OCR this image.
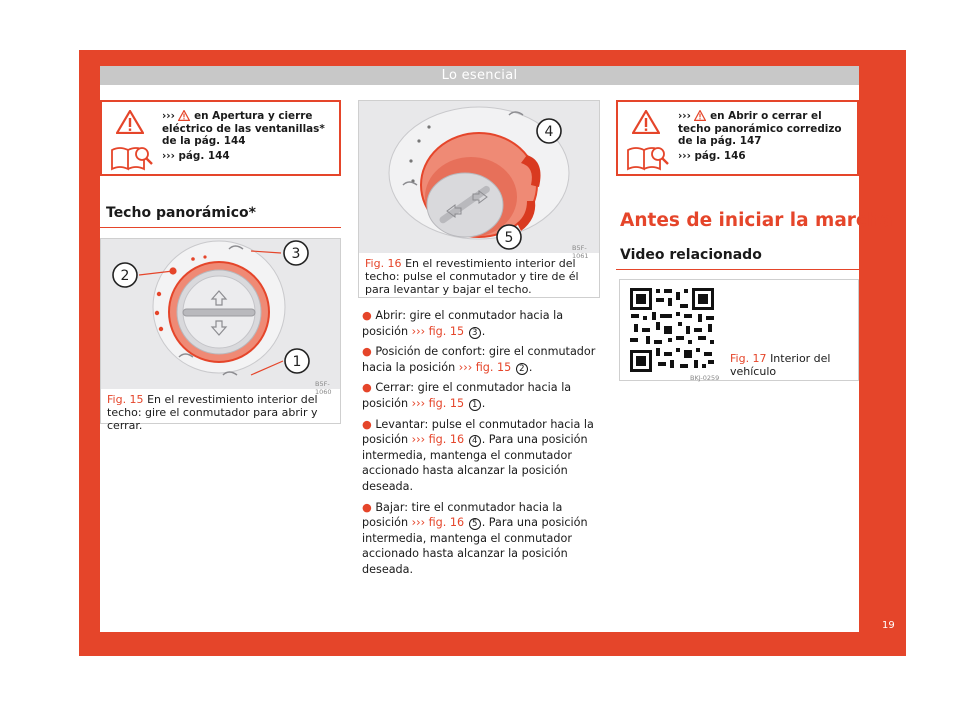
Lo esencial
››› en Apertura y cierre eléctrico de las ventanillas* de la pág. 144
››› pág. 144
››› en Abrir o cerrar el techo panorámico corredizo de la pág. 147
››› pág. 146
Techo panorámico*
2
3
1
B5F-1060
Fig. 15 En el revestimiento interior del techo: gire el conmutador para abrir y cerrar.
4
5
B5F-1061
Fig. 16 En el revestimiento interior del techo: pulse el conmutador y tire de él para levantar y bajar el techo.

● Abrir: gire el conmutador hacia la posición ››› fig. 15 3 .

● Posición de confort: gire el conmutador hacia la posición ››› fig. 15 2 .

● Cerrar: gire el conmutador hacia la posición ››› fig. 15 1 .

● Levantar: pulse el conmutador hacia la posición ››› fig. 16 4 . Para una posición intermedia, mantenga el conmutador accionado hasta alcanzar la posición deseada.

● Bajar: tire el conmutador hacia la posición ››› fig. 16 5 . Para una posición intermedia, mantenga el conmutador accionado hasta alcanzar la posición deseada.

Antes de iniciar la marcha
Video relacionado
BKJ-0259
Fig. 17 Interior del vehículo
19
